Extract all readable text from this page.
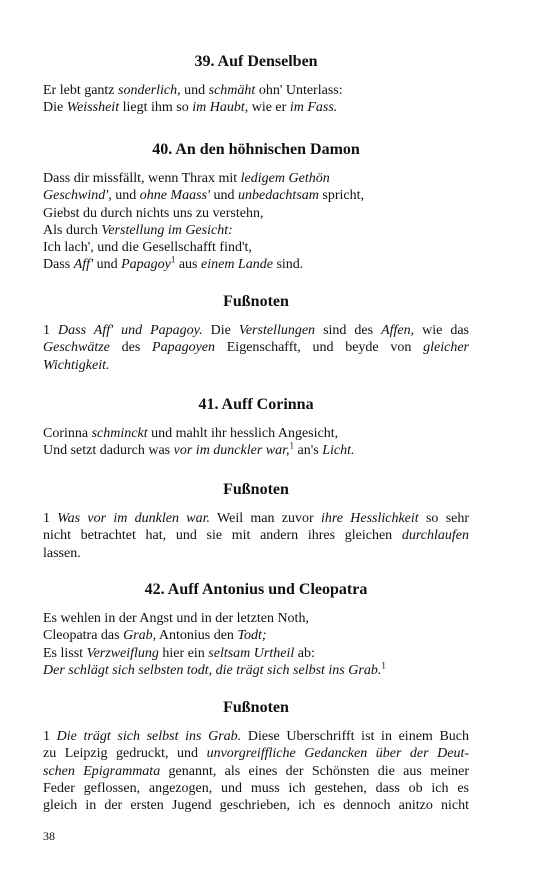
39. Auf Denselben
Er lebt gantz sonderlich, und schmäht ohn' Unterlass:
Die Weissheit liegt ihm so im Haubt, wie er im Fass.
40. An den höhnischen Damon
Dass dir missfällt, wenn Thrax mit ledigem Gethön
Geschwind', und ohne Maass' und unbedachtsam spricht,
Giebst du durch nichts uns zu verstehn,
Als durch Verstellung im Gesicht:
Ich lach', und die Gesellschafft find't,
Dass Aff' und Papagoy$^1$ aus einem Lande sind.
Fußnoten
1 Dass Aff' und Papagoy. Die Verstellungen sind des Affen, wie das
Geschwätze des Papagoyen Eigenschafft, und beyde von gleicher
Wichtigkeit.
41. Auff Corinna
Corinna schminckt und mahlt ihr hesslich Angesicht,
Und setzt dadurch was vor im dunckler war,$^1$ an's Licht.
Fußnoten
1 Was vor im dunklen war. Weil man zuvor ihre Hesslichkeit so sehr
nicht betrachtet hat, und sie mit andern ihres gleichen durchlaufen
lassen.
42. Auff Antonius und Cleopatra
Es wehlen in der Angst und in der letzten Noth,
Cleopatra das Grab, Antonius den Todt;
Es lisst Verzweiflung hier ein seltsam Urtheil ab:
Der schlägt sich selbsten todt, die trägt sich selbst ins Grab.$^1$
Fußnoten
1 Die trägt sich selbst ins Grab. Diese Uberschrifft ist in einem Buch
zu Leipzig gedruckt, und unvorgreiffliche Gedancken über der Deut-
schen Epigrammata genannt, als eines der Schönsten die aus meiner
Feder geflossen, angezogen, und muss ich gestehen, dass ob ich es
gleich in der ersten Jugend geschrieben, ich es dennoch anitzo nicht
38
